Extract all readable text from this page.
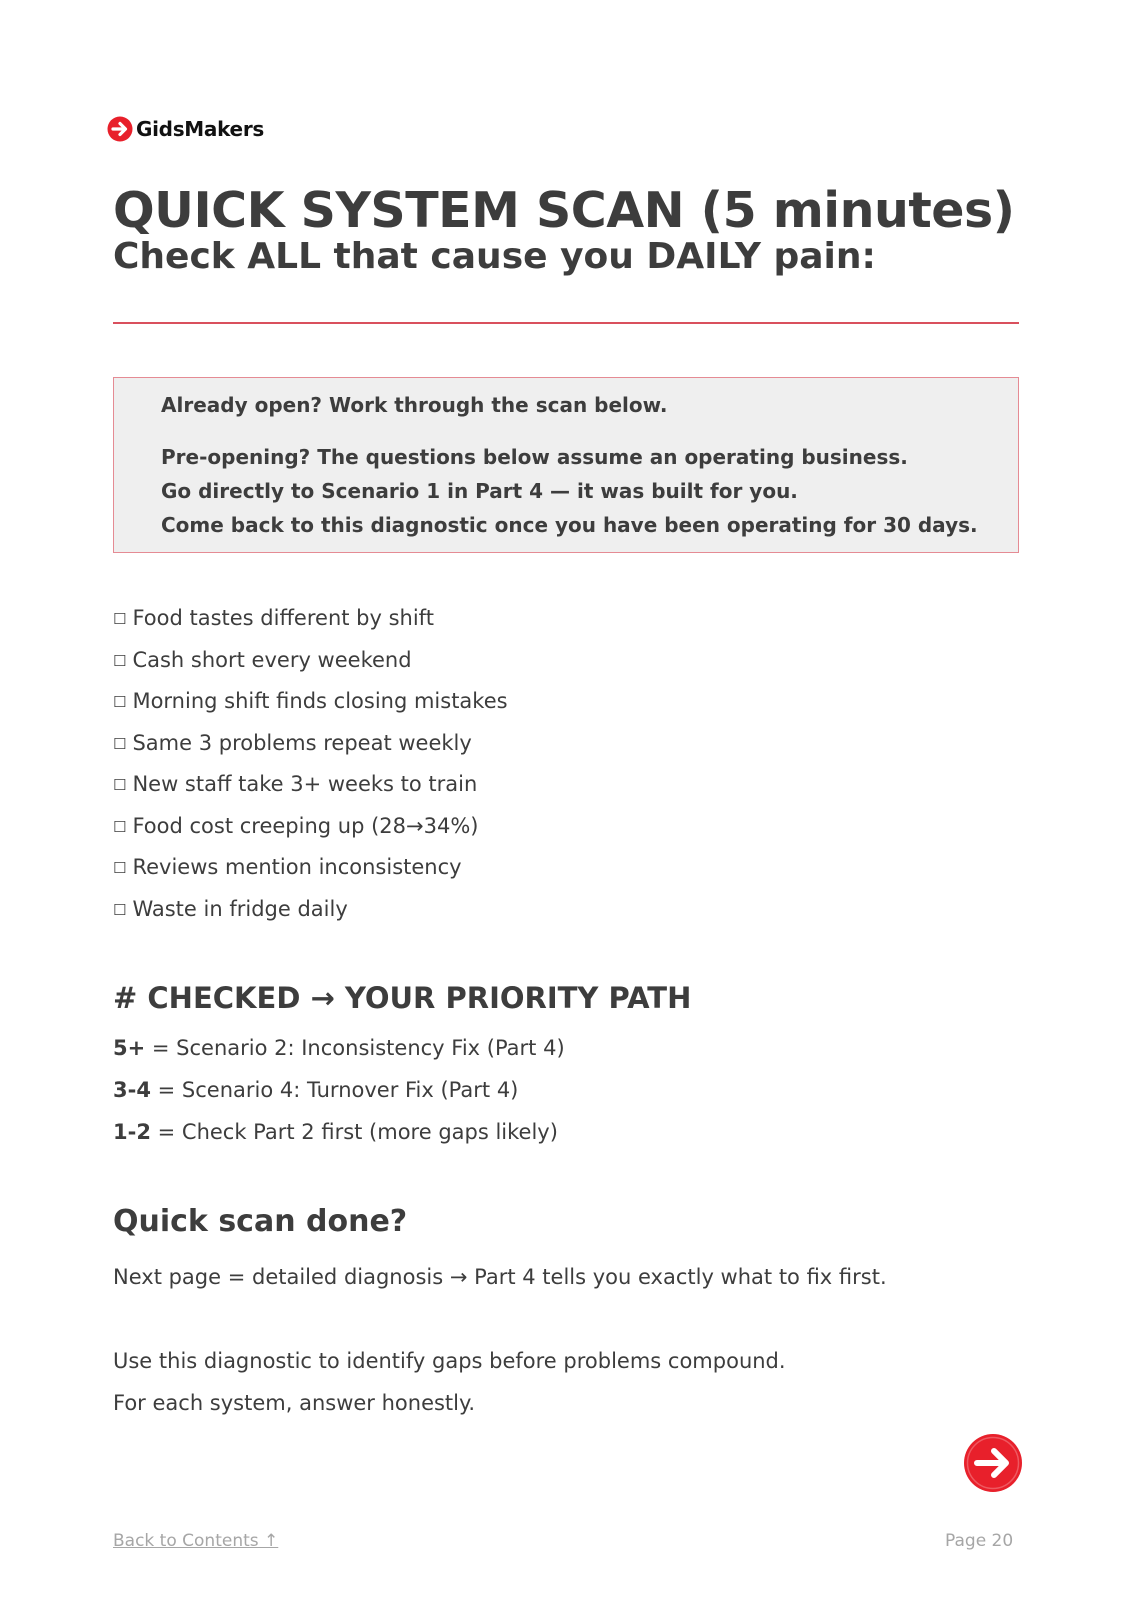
GidsMakers
QUICK SYSTEM SCAN (5 minutes)
Check ALL that cause you DAILY pain:

Already open? Work through the scan below.

Pre-opening? The questions below assume an operating business.

Go directly to Scenario 1 in Part 4 — it was built for you.

Come back to this diagnostic once you have been operating for 30 days.

☐ Food tastes different by shift
☐ Cash short every weekend
☐ Morning shift finds closing mistakes
☐ Same 3 problems repeat weekly
☐ New staff take 3+ weeks to train
☐ Food cost creeping up (28→34%)
☐ Reviews mention inconsistency
☐ Waste in fridge daily
# CHECKED → YOUR PRIORITY PATH
5+ = Scenario 2: Inconsistency Fix (Part 4)
3-4 = Scenario 4: Turnover Fix (Part 4)
1-2 = Check Part 2 first (more gaps likely)
Quick scan done?

Next page = detailed diagnosis → Part 4 tells you exactly what to fix first.

Use this diagnostic to identify gaps before problems compound.

For each system, answer honestly.

Back to Contents ↑	Page 20
